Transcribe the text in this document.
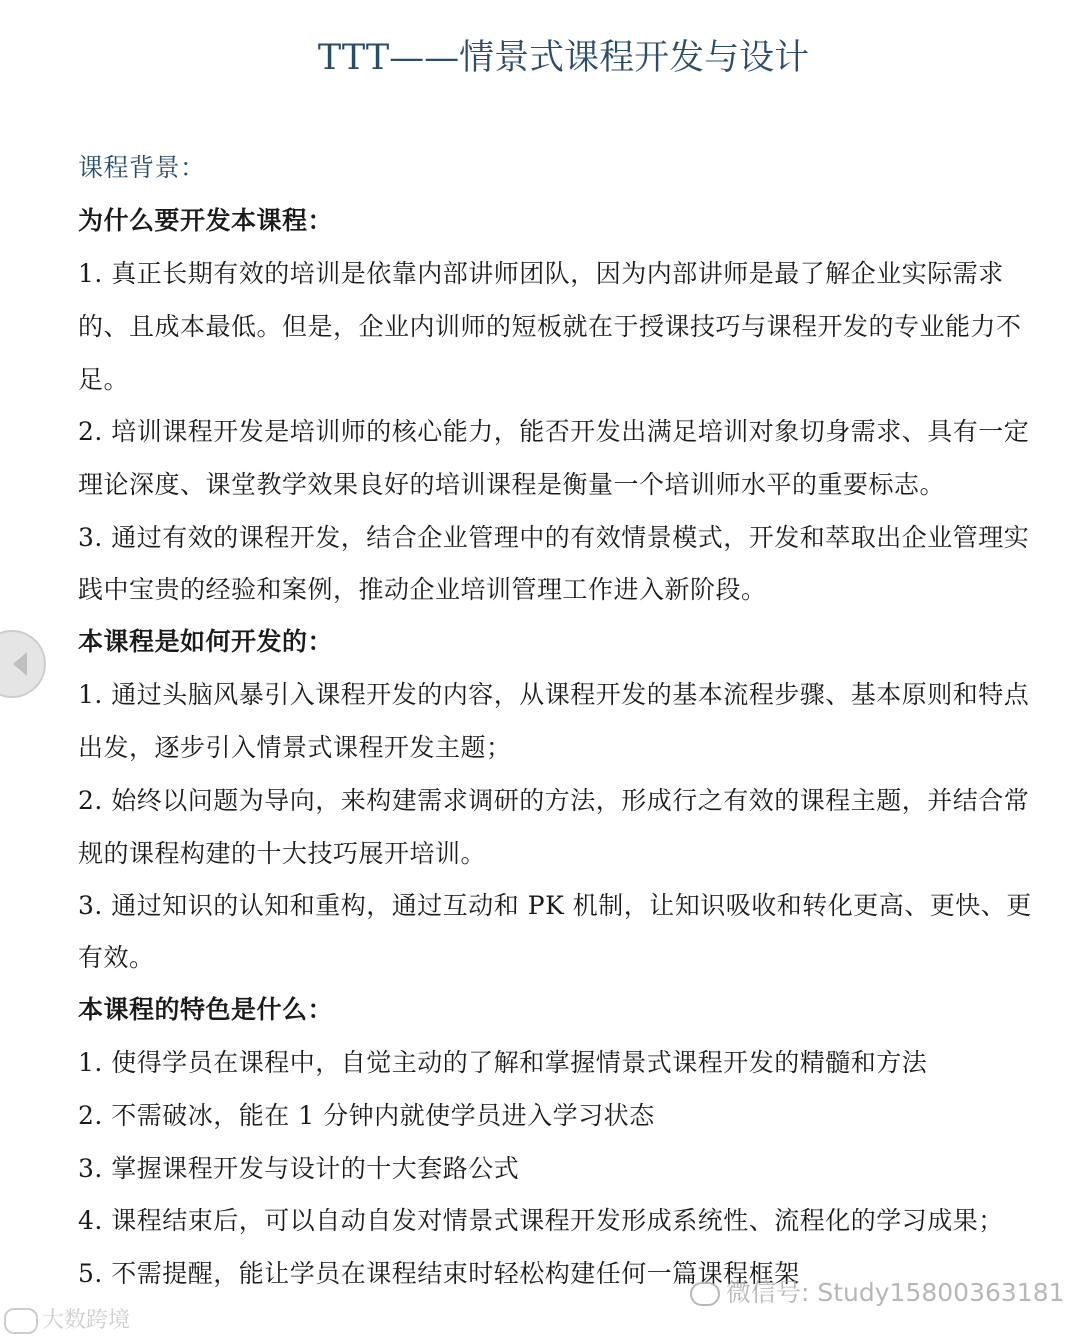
TTT——情景式课程开发与设计
课程背景：
为什么要开发本课程：
1. 真正长期有效的培训是依靠内部讲师团队，因为内部讲师是最了解企业实际需求
的、且成本最低。但是，企业内训师的短板就在于授课技巧与课程开发的专业能力不
足。
2. 培训课程开发是培训师的核心能力，能否开发出满足培训对象切身需求、具有一定
理论深度、课堂教学效果良好的培训课程是衡量一个培训师水平的重要标志。
3. 通过有效的课程开发，结合企业管理中的有效情景模式，开发和萃取出企业管理实
践中宝贵的经验和案例，推动企业培训管理工作进入新阶段。
本课程是如何开发的：
1. 通过头脑风暴引入课程开发的内容，从课程开发的基本流程步骤、基本原则和特点
出发，逐步引入情景式课程开发主题；
2. 始终以问题为导向，来构建需求调研的方法，形成行之有效的课程主题，并结合常
规的课程构建的十大技巧展开培训。
3. 通过知识的认知和重构，通过互动和 PK 机制，让知识吸收和转化更高、更快、更
有效。
本课程的特色是什么：
1. 使得学员在课程中，自觉主动的了解和掌握情景式课程开发的精髓和方法
2. 不需破冰，能在 1 分钟内就使学员进入学习状态
3. 掌握课程开发与设计的十大套路公式
4. 课程结束后，可以自动自发对情景式课程开发形成系统性、流程化的学习成果；
5. 不需提醒，能让学员在课程结束时轻松构建任何一篇课程框架
大数跨境
微信号: Study15800363181
